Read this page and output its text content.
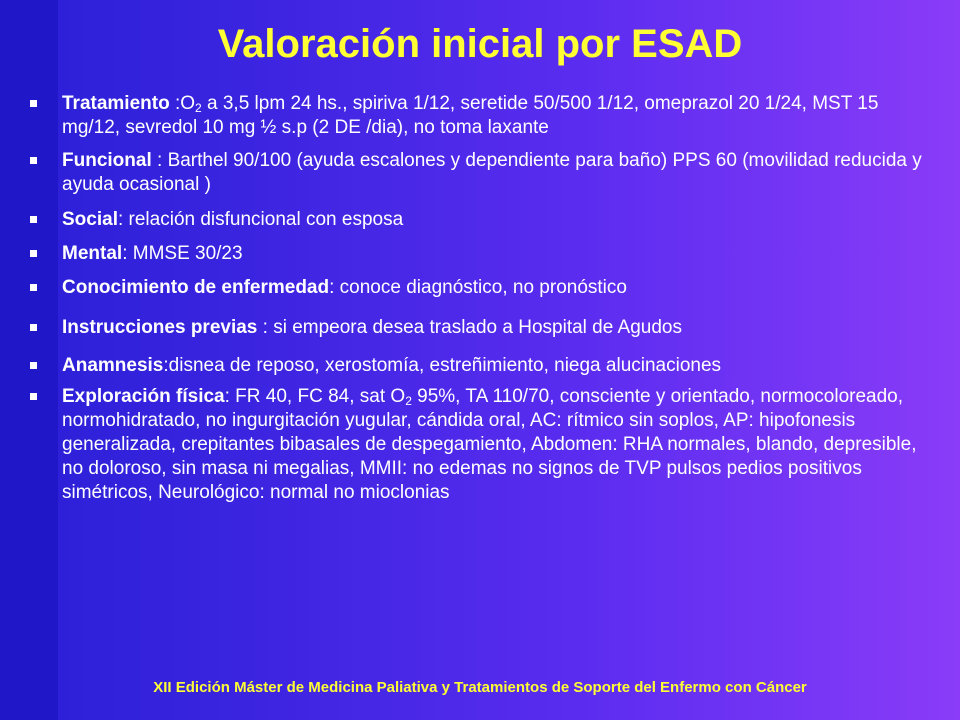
Valoración inicial por ESAD
Tratamiento $:O_2$ a 3,5 lpm 24 hs., spiriva 1/12, seretide 50/500 1/12, omeprazol 20 1/24, MST 15 mg/12, sevredol 10 mg ½ s.p (2 DE /dia), no toma laxante
Funcional : Barthel 90/100 (ayuda escalones y dependiente para baño) PPS 60 (movilidad reducida y ayuda ocasional )
Social: relación disfuncional con esposa
Mental: MMSE 30/23
Conocimiento de enfermedad: conoce diagnóstico, no pronóstico
Instrucciones previas : si empeora desea traslado a Hospital de Agudos
Anamnesis:disnea de reposo, xerostomía, estreñimiento, niega alucinaciones
Exploración física: FR 40, FC 84, sat $O_2$ 95%, TA 110/70, consciente y orientado, normocoloreado, normohidratado, no ingurgitación yugular, cándida oral, AC: rítmico sin soplos, AP: hipofonesis generalizada, crepitantes bibasales de despegamiento, Abdomen: RHA normales, blando, depresible, no doloroso, sin masa ni megalias, MMII: no edemas no signos de TVP pulsos pedios positivos simétricos, Neurológico: normal no mioclonias
XII Edición Máster de Medicina Paliativa y Tratamientos de Soporte del Enfermo con Cáncer
